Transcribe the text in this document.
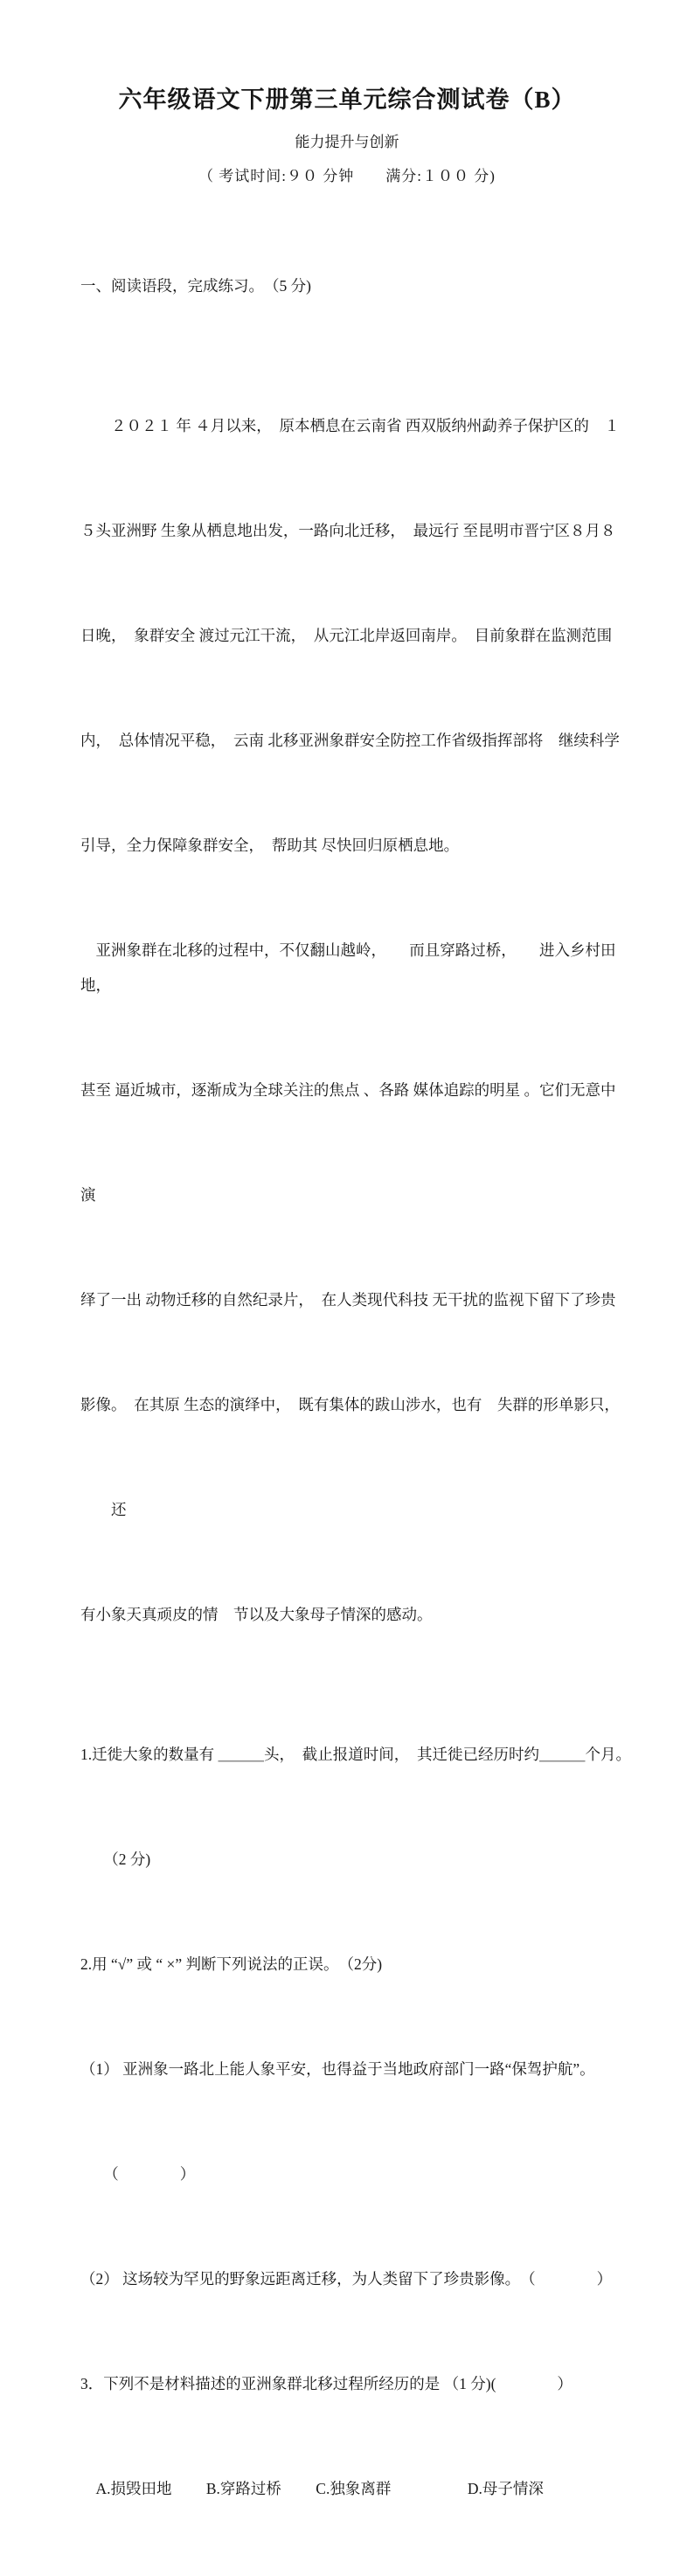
六年级语文下册第三单元综合测试卷（B）
能力提升与创新
（ 考试时间:９０ 分钟　　满分:１００ 分)

一、阅读语段，完成练习。　（5 分)

　　２０２１ 年 ４月以来，　原本栖息在云南省 西双版纳州勐养子保护区的　１

５头亚洲野 生象从栖息地出发，一路向北迁移，　最远行 至昆明市晋宁区８月８

日晚，　象群安全 渡过元江干流，　从元江北岸返回南岸。　目前象群在监测范围

内，　总体情况平稳，　云南 北移亚洲象群安全防控工作省级指挥部将　继续科学

引导，全力保障象群安全，　帮助其 尽快回归原栖息地。

　亚洲象群在北移的过程中，不仅翻山越岭，　　而且穿路过桥，　　进入乡村田地，

甚至 逼近城市，逐渐成为全球关注的焦点 、各路 媒体追踪的明星 。它们无意中

演

绎了一出 动物迁移的自然纪录片，　在人类现代科技 无干扰的监视下留下了珍贵

影像。　在其原 生态的演绎中，　既有集体的跋山涉水，也有　失群的形单影只，

　　还

有小象天真顽皮的情　节以及大象母子情深的感动。

1.迁徙大象的数量有 ＿＿＿头，　截止报道时间，　其迁徙已经历时约＿＿＿个月。

　　（2 分)

2.用 “√” 或 “ ×” 判断下列说法的正误。　（2分)

（1） 亚洲象一路北上能人象平安，也得益于当地政府部门一路“保驾护航”。

　　（　　　　）

（2） 这场较为罕见的野象远距离迁移，为人类留下了珍贵影像。　（　　　　）

3．下列不是材料描述的亚洲象群北移过程所经历的是 （1 分)(　　　　）

　A.损毁田地　　 B.穿路过桥　　 C.独象离群　　　　　D.母子情深
